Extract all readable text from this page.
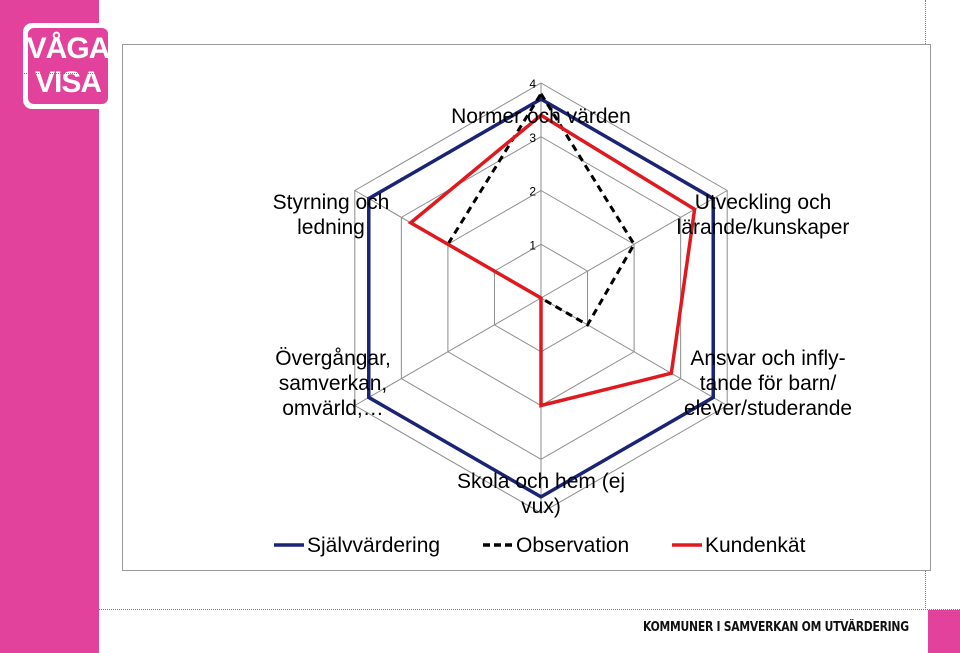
VÅGA
VISA
KOMMUNER I SAMVERKAN OM UTVÄRDERING
1
2
3
4
Normer och värden
Utveckling och lärande/kunskaper
Ansvar och infly-tande för barn/ elever/studerande
Skola och hem (ej vux)
Övergångar, samverkan, omvärld,…
Styrning och ledning
Självvärdering	Observation	Kundenkät
